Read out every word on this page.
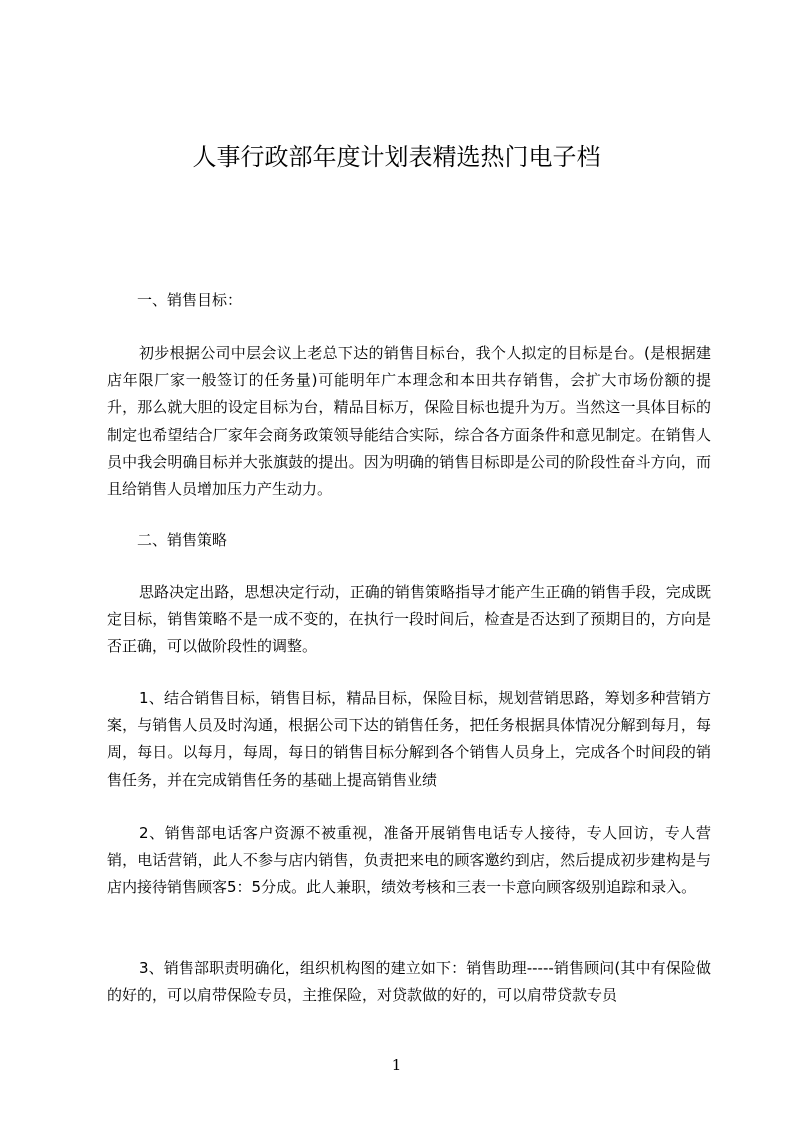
人事行政部年度计划表精选热门电子档
一、销售目标：
初步根据公司中层会议上老总下达的销售目标台，我个人拟定的目标是台。(是根据建店年限厂家一般签订的任务量)可能明年广本理念和本田共存销售，会扩大市场份额的提升，那么就大胆的设定目标为台，精品目标万，保险目标也提升为万。当然这一具体目标的制定也希望结合厂家年会商务政策领导能结合实际，综合各方面条件和意见制定。在销售人员中我会明确目标并大张旗鼓的提出。因为明确的销售目标即是公司的阶段性奋斗方向，而且给销售人员增加压力产生动力。
二、销售策略
思路决定出路，思想决定行动，正确的销售策略指导才能产生正确的销售手段，完成既定目标，销售策略不是一成不变的，在执行一段时间后，检查是否达到了预期目的，方向是否正确，可以做阶段性的调整。
1、结合销售目标，销售目标，精品目标，保险目标，规划营销思路，筹划多种营销方案，与销售人员及时沟通，根据公司下达的销售任务，把任务根据具体情况分解到每月，每周，每日。以每月，每周，每日的销售目标分解到各个销售人员身上，完成各个时间段的销售任务，并在完成销售任务的基础上提高销售业绩
2、销售部电话客户资源不被重视，准备开展销售电话专人接待，专人回访，专人营销，电话营销，此人不参与店内销售，负责把来电的顾客邀约到店，然后提成初步建构是与店内接待销售顾客5：5分成。此人兼职，绩效考核和三表一卡意向顾客级别追踪和录入。
3、销售部职责明确化，组织机构图的建立如下：销售助理-----销售顾问(其中有保险做的好的，可以肩带保险专员，主推保险，对贷款做的好的，可以肩带贷款专员
1
